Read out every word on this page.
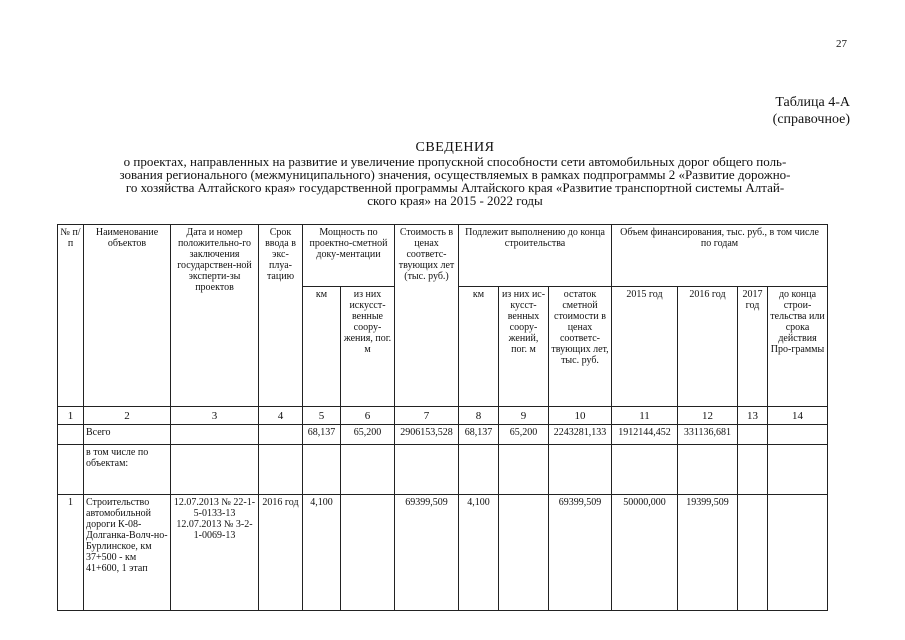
27
Таблица 4-А
(справочное)
СВЕДЕНИЯ
о проектах, направленных на развитие и увеличение пропускной способности сети автомобильных дорог общего поль-
зования регионального (межмуниципального) значения, осуществляемых в рамках подпрограммы 2 «Развитие дорожно-
го хозяйства Алтайского края» государственной программы Алтайского края «Развитие транспортной системы Алтай-
ского края» на 2015 - 2022 годы
№ п/п	Наименование объектов	Дата и номер положительно-го заключения государствен-ной эксперти-зы проектов	Срок ввода в экс-плуа-тацию	Мощность по проектно-сметной доку-ментации		Стоимость в ценах соответс-твующих лет (тыс. руб.)	Подлежит выполнению до конца строительства			Объем финансирования, тыс. руб., в том числе по годам			
				км	из них искусст-венные соору-жения, пог. м		км	из них ис-кусст-венных соору-жений, пог. м	остаток сметной стоимости в ценах соответс-твующих лет, тыс. руб.	2015 год	2016 год	2017 год	до конца строи-тельства или срока действия Про-граммы
1	2	3	4	5	6	7	8	9	10	11	12	13	14
	Всего			68,137	65,200	2906153,528	68,137	65,200	2243281,133	1912144,452	331136,681		
	в том числе по объектам:												
1	Строительство автомобильной дороги К-08-Долганка-Волч-но-Бурлинское, км 37+500 - км 41+600, 1 этап	12.07.2013 № 22-1-5-0133-13 12.07.2013 № 3-2-1-0069-13	2016 год	4,100		69399,509	4,100		69399,509	50000,000	19399,509		
